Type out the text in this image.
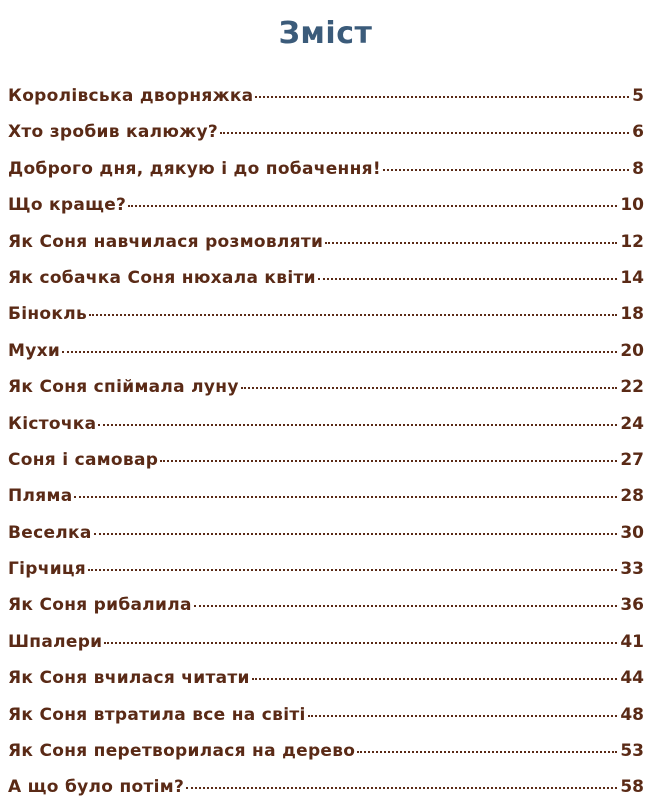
Зміст
Королівська дворняжка	5
Хто зробив калюжу?	6
Доброго дня, дякую і до побачення!	8
Що краще?	10
Як Соня навчилася розмовляти	12
Як собачка Соня нюхала квіти	14
Бінокль	18
Мухи	20
Як Соня спіймала луну	22
Кісточка	24
Соня і самовар	27
Пляма	28
Веселка	30
Гірчиця	33
Як Соня рибалила	36
Шпалери	41
Як Соня вчилася читати	44
Як Соня втратила все на світі	48
Як Соня перетворилася на дерево	53
А що було потім?	58
